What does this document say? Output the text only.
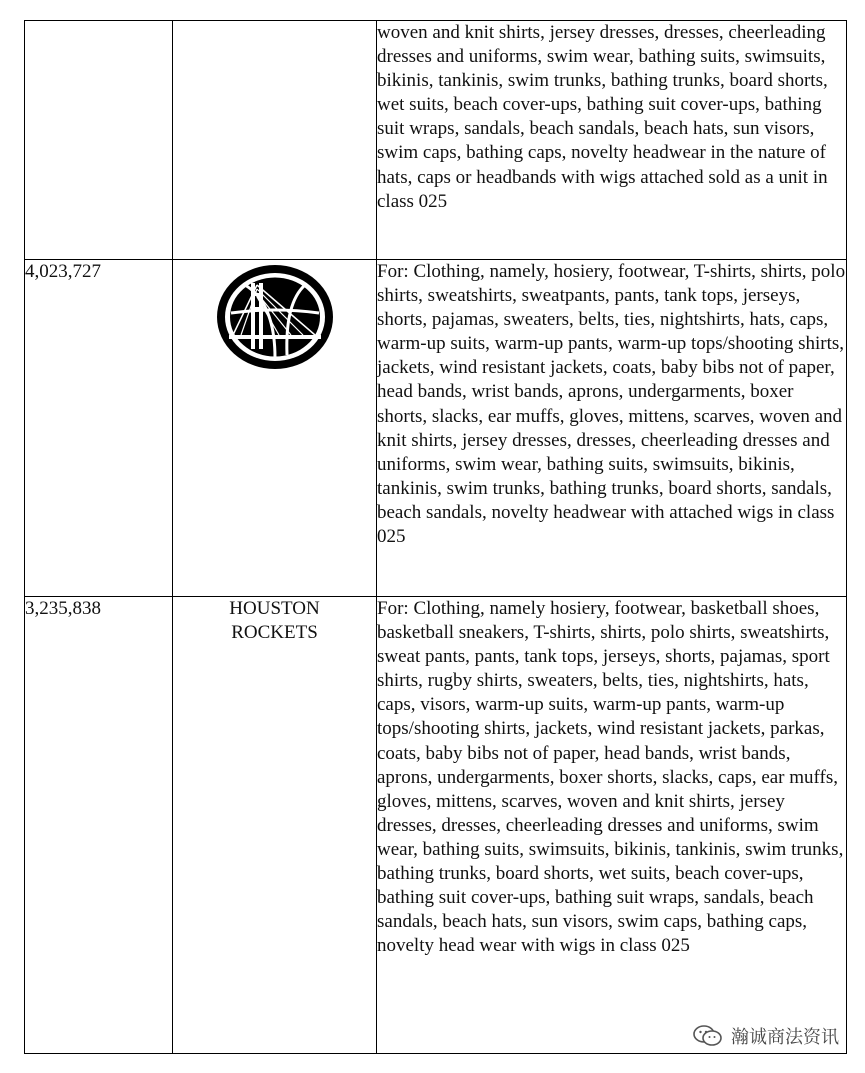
		woven and knit shirts, jersey dresses, dresses, cheerleading dresses and uniforms, swim wear, bathing suits, swimsuits, bikinis, tankinis, swim trunks, bathing trunks, board shorts, wet suits, beach cover-ups, bathing suit cover-ups, bathing suit wraps, sandals, beach sandals, beach hats, sun visors, swim caps, bathing caps, novelty headwear in the nature of hats, caps or headbands with wigs attached sold as a unit in class 025
4,023,727		For: Clothing, namely, hosiery, footwear, T-shirts, shirts, polo shirts, sweatshirts, sweatpants, pants, tank tops, jerseys, shorts, pajamas, sweaters, belts, ties, nightshirts, hats, caps, warm-up suits, warm-up pants, warm-up tops/shooting shirts, jackets, wind resistant jackets, coats, baby bibs not of paper, head bands, wrist bands, aprons, undergarments, boxer shorts, slacks, ear muffs, gloves, mittens, scarves, woven and knit shirts, jersey dresses, dresses, cheerleading dresses and uniforms, swim wear, bathing suits, swimsuits, bikinis, tankinis, swim trunks, bathing trunks, board shorts, sandals, beach sandals, novelty headwear with attached wigs in class 025
3,235,838	HOUSTON
ROCKETS	For: Clothing, namely hosiery, footwear, basketball shoes, basketball sneakers, T-shirts, shirts, polo shirts, sweatshirts, sweat pants, pants, tank tops, jerseys, shorts, pajamas, sport shirts, rugby shirts, sweaters, belts, ties, nightshirts, hats, caps, visors, warm-up suits, warm-up pants, warm-up tops/shooting shirts, jackets, wind resistant jackets, parkas, coats, baby bibs not of paper, head bands, wrist bands, aprons, undergarments, boxer shorts, slacks, caps, ear muffs, gloves, mittens, scarves, woven and knit shirts, jersey dresses, dresses, cheerleading dresses and uniforms, swim wear, bathing suits, swimsuits, bikinis, tankinis, swim trunks, bathing trunks, board shorts, wet suits, beach cover-ups, bathing suit cover-ups, bathing suit wraps, sandals, beach sandals, beach hats, sun visors, swim caps, bathing caps, novelty head wear with wigs in class 025
瀚诚商法资讯
